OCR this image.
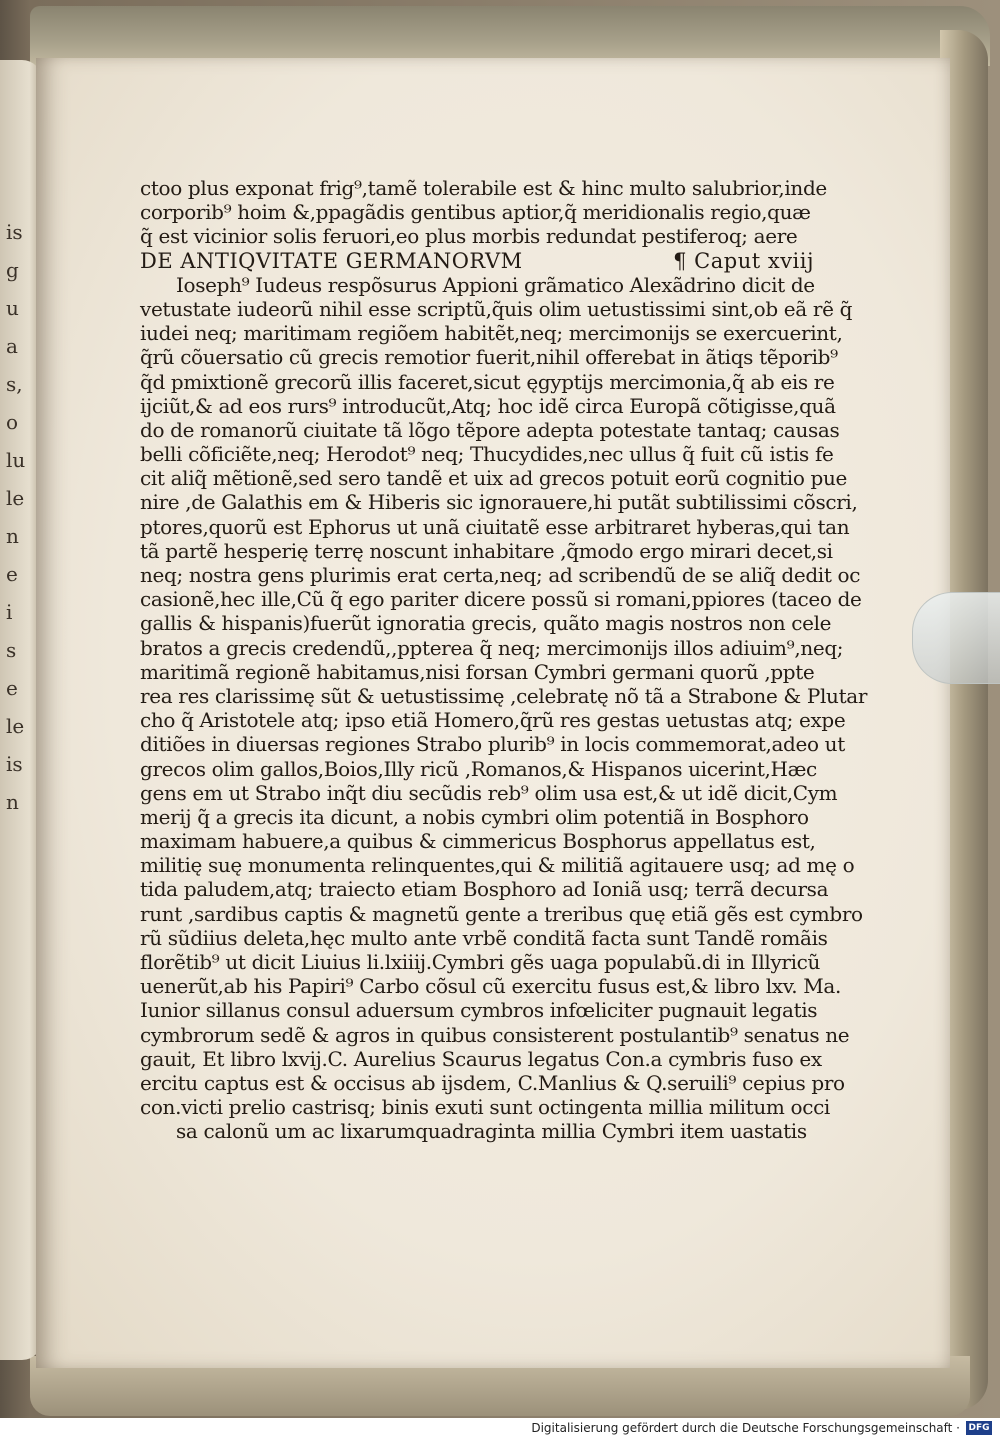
is
g
u
a
s,
o
lu
le
n
e
i
s
e
le
is
n
ctoo plus exponat frig⁹,tamẽ tolerabile est & hinc multo salubrior,inde
corporib⁹ hoim &,ppagãdis gentibus aptior,q̃ meridionalis regio,quæ
q̃ est vicinior solis feruori,eo plus morbis redundat pestiferoq; aere
DE ANTIQVITATE GERMANORVM	¶ Caput xviij
Ioseph⁹ Iudeus respõsurus Appioni grãmatico Alexãdrino dicit de
vetustate iudeorũ nihil esse scriptũ,q̃uis olim uetustissimi sint,ob eã rẽ q̃
iudei neq; maritimam regiõem habitẽt,neq; mercimonijs se exercuerint,
q̃rũ cõuersatio cũ grecis remotior fuerit,nihil offerebat in ãtiqs tẽporib⁹
q̃d pmixtionẽ grecorũ illis faceret,sicut ęgyptijs mercimonia,q̃ ab eis re
ijciũt,& ad eos rurs⁹ introducũt,Atq; hoc idẽ circa Europã cõtigisse,quã
do de romanorũ ciuitate tã lõgo tẽpore adepta potestate tantaq; causas
belli cõficiẽte,neq; Herodot⁹ neq; Thucydides,nec ullus q̃ fuit cũ istis fe
cit aliq̃ mẽtionẽ,sed sero tandẽ et uix ad grecos potuit eorũ cognitio pue
nire ,de Galathis em & Hiberis sic ignorauere,hi putãt subtilissimi cõscri,
ptores,quorũ est Ephorus ut unã ciuitatẽ esse arbitraret hyberas,qui tan
tã partẽ hesperię terrę noscunt inhabitare ,q̃modo ergo mirari decet,si
neq; nostra gens plurimis erat certa,neq; ad scribendũ de se aliq̃ dedit oc
casionẽ,hec ille,Cũ q̃ ego pariter dicere possũ si romani,ppiores (taceo de
gallis & hispanis)fuerũt ignoratia grecis, quãto magis nostros non cele
bratos a grecis credendũ,,ppterea q̃ neq; mercimonijs illos adiuim⁹,neq;
maritimã regionẽ habitamus,nisi forsan Cymbri germani quorũ ,ppte
rea res clarissimę sũt & uetustissimę ,celebratę nõ tã a Strabone & Plutar
cho q̃ Aristotele atq; ipso etiã Homero,q̃rũ res gestas uetustas atq; expe
ditiões in diuersas regiones Strabo plurib⁹ in locis commemorat,adeo ut
grecos olim gallos,Boios,Illy ricũ ,Romanos,& Hispanos uicerint,Hæc
gens em ut Strabo inq̃t diu secũdis reb⁹ olim usa est,& ut idẽ dicit,Cym
merij q̃ a grecis ita dicunt, a nobis cymbri olim potentiã in Bosphoro
maximam habuere,a quibus & cimmericus Bosphorus appellatus est,
militię suę monumenta relinquentes,qui & militiã agitauere usq; ad mę o
tida paludem,atq; traiecto etiam Bosphoro ad Ioniã usq; terrã decursa
runt ,sardibus captis & magnetũ gente a treribus quę etiã gẽs est cymbro
rũ sũdiius deleta,hęc multo ante vrbẽ conditã facta sunt Tandẽ romãis
florẽtib⁹ ut dicit Liuius li.lxiiij.Cymbri gẽs uaga populabũ.di in Illyricũ
uenerũt,ab his Papiri⁹ Carbo cõsul cũ exercitu fusus est,& libro lxv. Ma.
Iunior sillanus consul aduersum cymbros infœliciter pugnauit legatis
cymbrorum sedẽ & agros in quibus consisterent postulantib⁹ senatus ne
gauit, Et libro lxvij.C. Aurelius Scaurus legatus Con.a cymbris fuso ex
ercitu captus est & occisus ab ijsdem, C.Manlius & Q.seruili⁹ cepius pro
con.victi prelio castrisq; binis exuti sunt octingenta millia militum occi
sa calonũ um ac lixarumquadraginta millia Cymbri item uastatis
Digitalisierung gefördert durch die Deutsche Forschungsgemeinschaft · DFG
